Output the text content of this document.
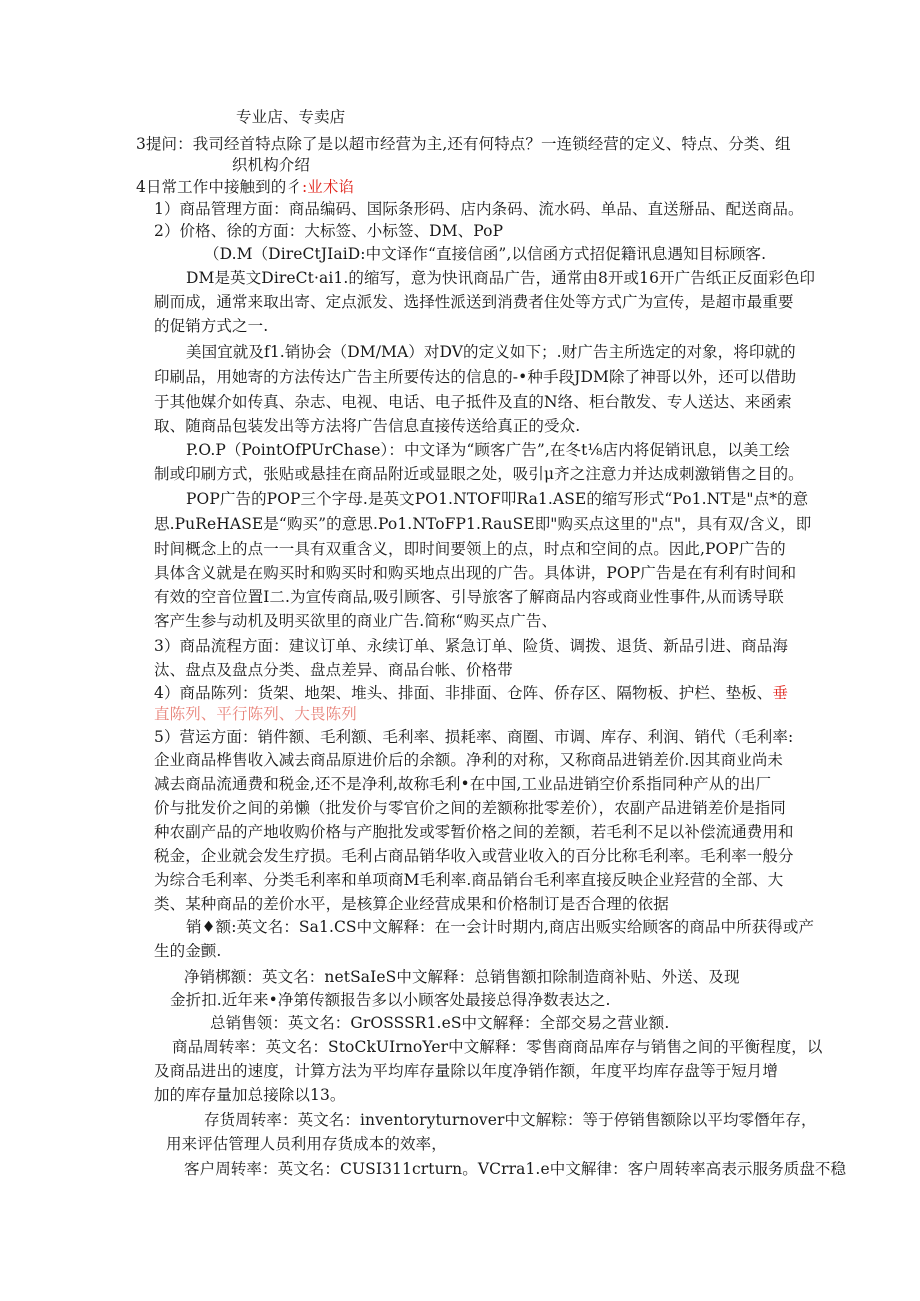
专业店、专卖店
3提问：我司经首特点除了是以超市经营为主,还有何特点？一连锁经营的定义、特点、分类、组
织机构介绍
4日常工作中接触到的彳:业术谄
1）商品管理方面：商品编码、国际条形码、店内条码、流水码、单品、直送掰品、配送商品。
2）价格、徐的方面：大标签、小标签、DM、PoP
（D.M（DireCtJIaiD:中文译作“直接信函”,以信函方式招促籍讯息遇知目标顾客.
DM是英文DireCt·ai1.的缩写，意为快讯商品广告，通常由8开或16开广告纸正反面彩色印
刷而成，通常来取出寄、定点派发、选择性派送到消费者住处等方式广为宣传，是超市最重要
的促销方式之一.
美国宜就及f1.销协会（DM/MA）对DV的定义如下；.财广告主所选定的对象，将印就的
印刷品，用她寄的方法传达广告主所要传达的信息的-•种手段JDM除了神哥以外，还可以借助
于其他媒介如传真、杂志、电视、电话、电子抵件及直的N络、柜台散发、专人送达、来函索
取、随商品包装发出等方法将广告信息直接传送给真正的受众.
P.O.P（PointOfPUrChase）：中文译为“顾客广告”,在冬t⅛店内将促销讯息，以美工绘
制或印刷方式，张贴或悬挂在商品附近或显眼之处，吸引μ齐之注意力并达成刺激销售之目的。
POP广告的POP三个字母.是英文PO1.NTOF叩Ra1.ASE的缩写形式“Po1.NT是"点*的意
思.PuReHASE是“购买”的意思.Po1.NToFP1.RauSE即"购买点这里的"点"，具有双/含义，即
时间概念上的点一一具有双重含义，即时间要领上的点，时点和空间的点。因此,POP广告的
具体含义就是在购买时和购买时和购买地点出现的广告。具体讲，POP广告是在有利有时间和
有效的空音位置I二.为宣传商品,吸引顾客、引导旅客了解商品内容或商业性事件,从而诱导联
客产生参与动机及明买欲里的商业广告.简称“购买点广告、
3）商品流程方面：建议订单、永续订单、紧急订单、险货、调拨、退货、新品引进、商品海
汰、盘点及盘点分类、盘点差异、商品台帐、价格带
4）商品陈列：货架、地架、堆头、排面、非排面、仓阵、侨存区、隔物板、护栏、垫板、垂
直陈列、平行陈列、大畏陈列
5）营运方面：销件额、毛利额、毛利率、损耗率、商圈、市调、库存、利润、销代（毛利率:
企业商品桦售收入减去商品原进价后的余额。净利的对称，又称商品进销差价.因其商业尚未
减去商品流通费和税金,还不是净利,故称毛利•在中国,工业品进销空价系指同种产从的出厂
价与批发价之间的弟懒（批发价与零官价之间的差额称批零差价），农副产品进销差价是指同
种农副产品的产地收购价格与产胞批发或零暂价格之间的差额，若毛利不足以补偿流通费用和
税金，企业就会发生疗损。毛利占商品销华收入或营业收入的百分比称毛利率。毛利率一般分
为综合毛利率、分类毛利率和单项商M毛利率.商品销台毛利率直接反映企业羟营的全部、大
类、某种商品的差价水平，是核算企业经营成果和价格制订是否合理的依据
销♦额:英文名：Sa1.CS中文解释：在一会计时期内,商店出贩实给顾客的商品中所获得或产
生的金颤.
净销梆额：英文名：netSaIeS中文解释：总销售额扣除制造商补贴、外送、及现
金折扣.近年来•净第传额报告多以小顾客处最接总得净数表达之.
总销售领：英文名：GrOSSSR1.eS中文解释：全部交易之营业额.
商品周转率：英文名：StoCkUIrnoYer中文解释：零售商商品库存与销售之间的平衡程度，以
及商品进出的速度，计算方法为平均库存量除以年度净销作额，年度平均库存盘等于短月增
加的库存量加总接除以13。
存货周转率：英文名：inventoryturnover中文解粽：等于停销售额除以平均零僭年存，
用来评估管理人员利用存货成本的效率，
客户周转率：英文名：CUSI311crturn。VCrra1.e中文解律：客户周转率高表示服务质盘不稳
